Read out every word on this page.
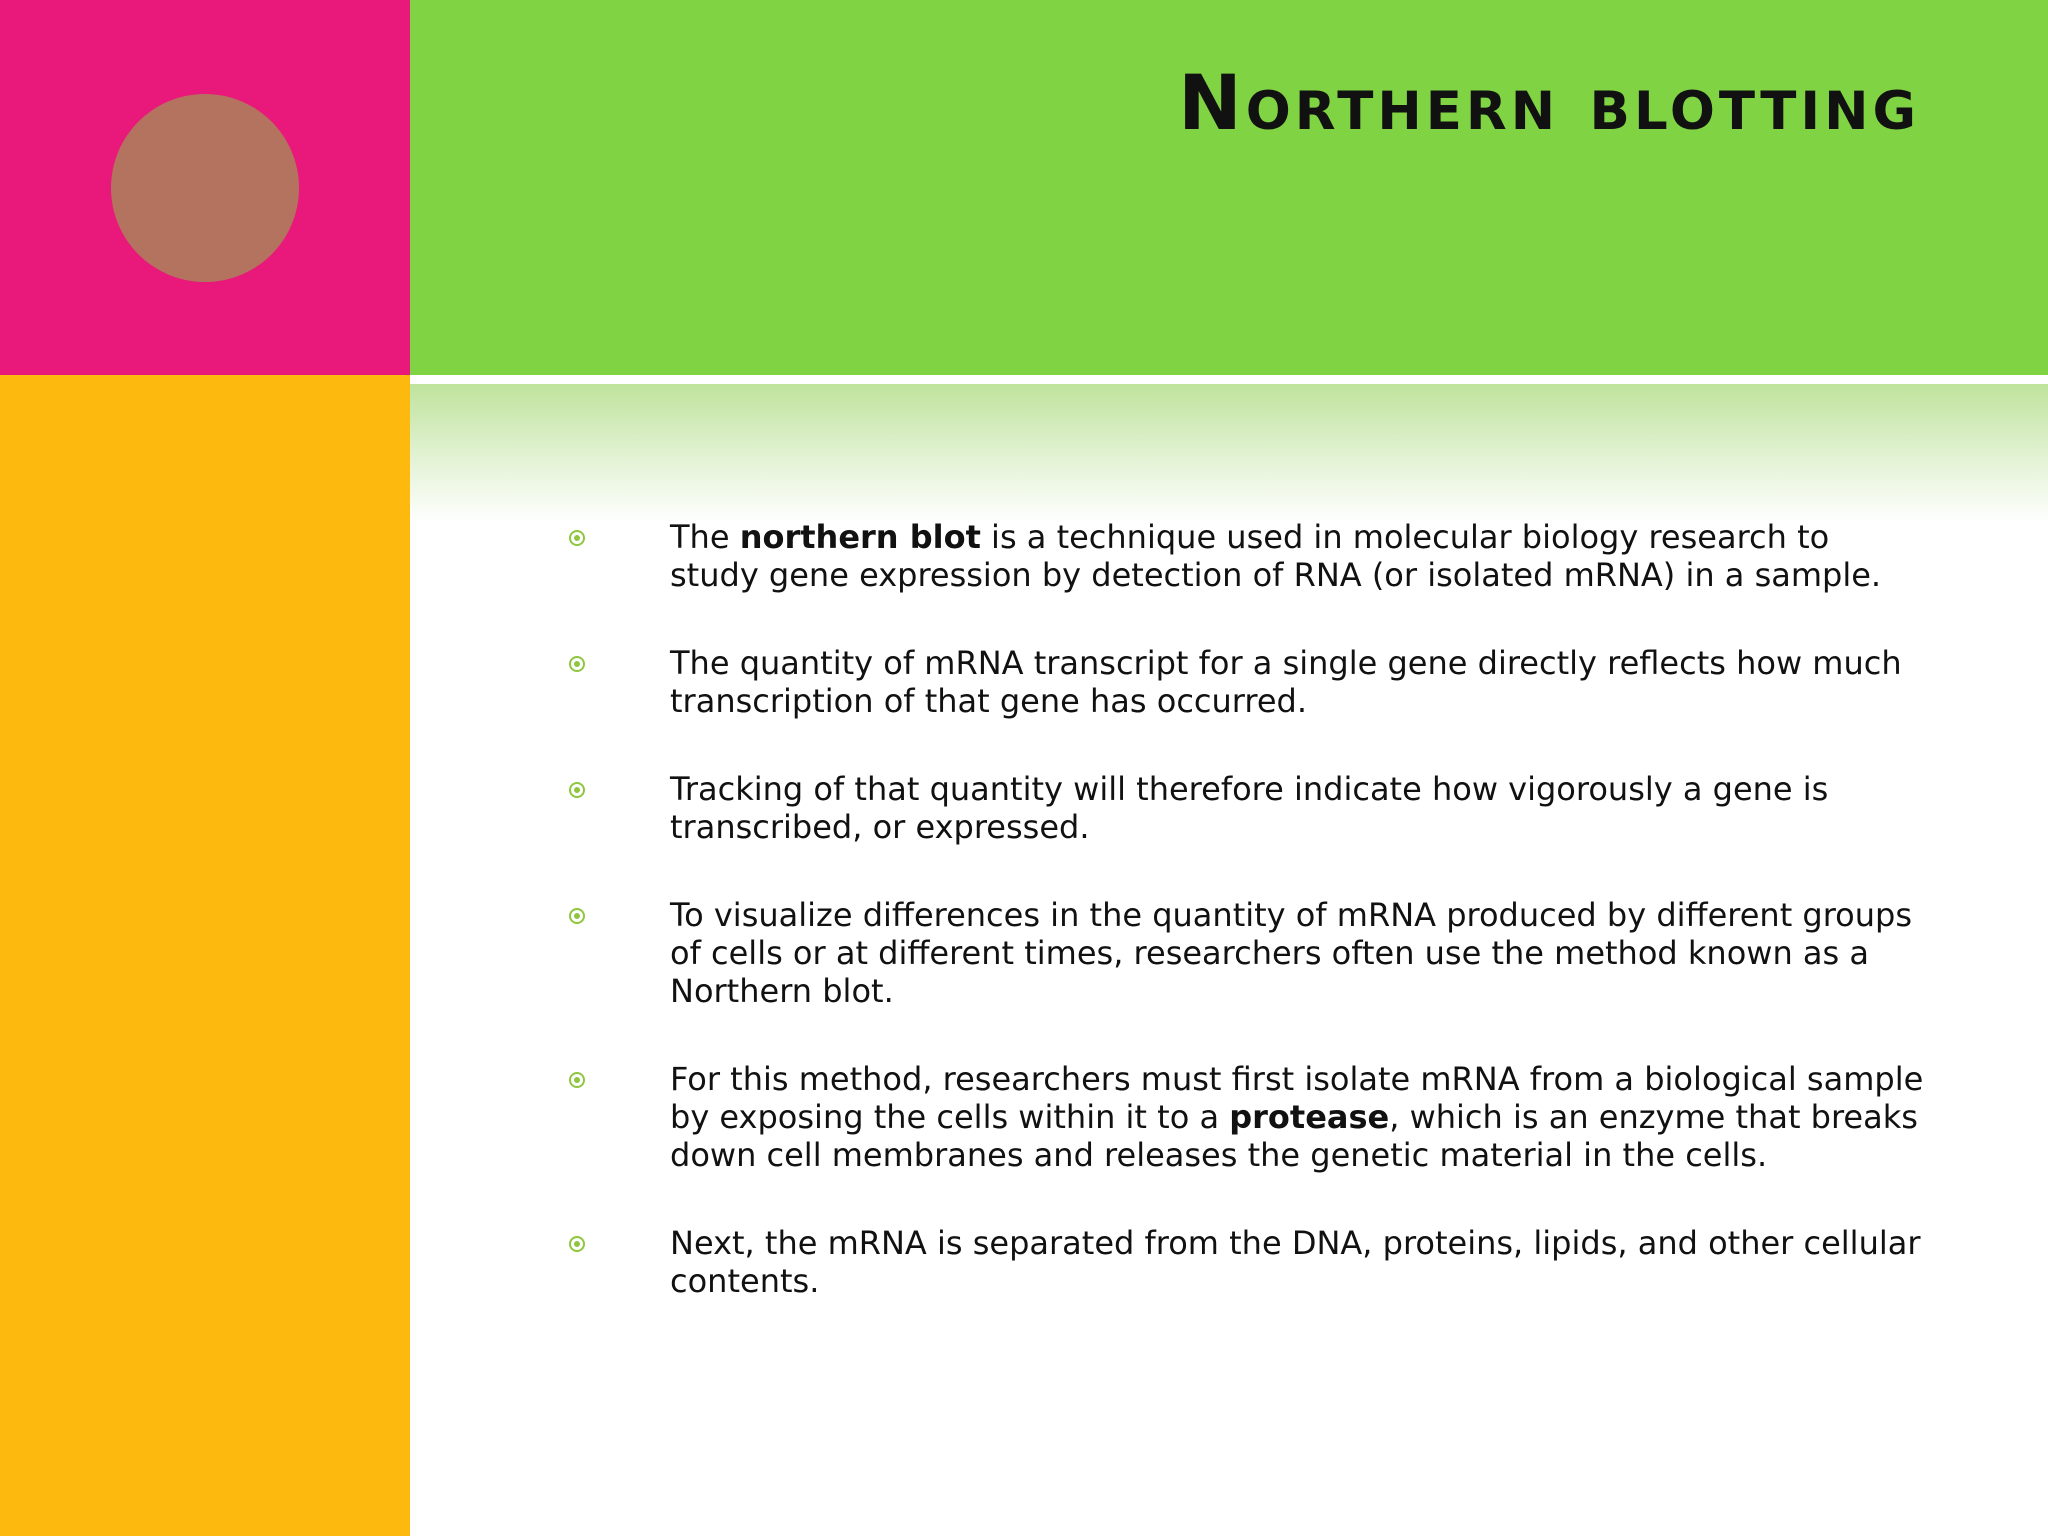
Northern blotting
The northern blot is a technique used in molecular biology research to study gene expression by detection of RNA (or isolated mRNA) in a sample.
The quantity of mRNA transcript for a single gene directly reflects how much transcription of that gene has occurred.
Tracking of that quantity will therefore indicate how vigorously a gene is transcribed, or expressed.
To visualize differences in the quantity of mRNA produced by different groups of cells or at different times, researchers often use the method known as a Northern blot.
For this method, researchers must first isolate mRNA from a biological sample by exposing the cells within it to a protease, which is an enzyme that breaks down cell membranes and releases the genetic material in the cells.
Next, the mRNA is separated from the DNA, proteins, lipids, and other cellular contents.
